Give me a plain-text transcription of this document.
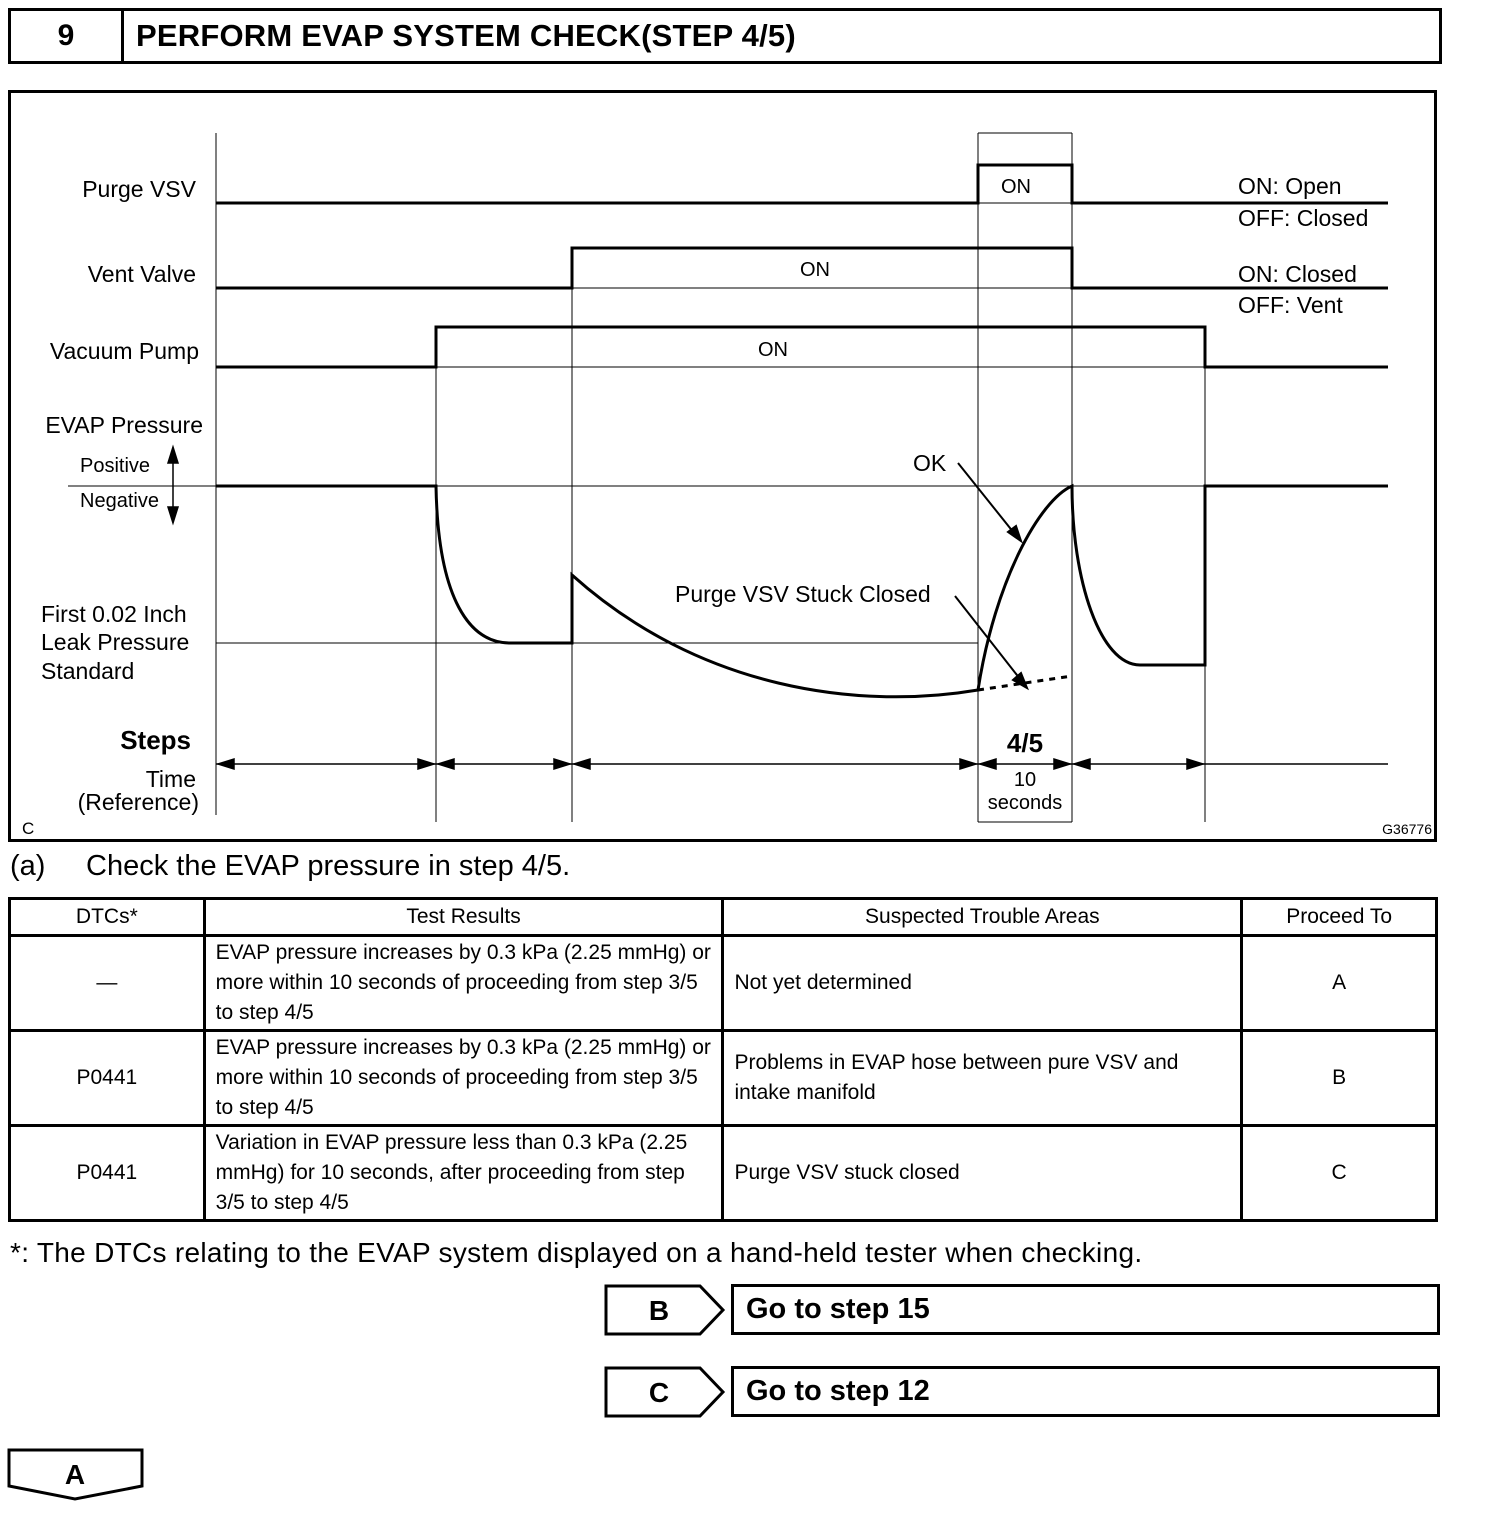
9	PERFORM EVAP SYSTEM CHECK(STEP 4/5)
Purge VSV
Vent Valve
Vacuum Pump
EVAP Pressure
First 0.02 Inch
Leak Pressure
Standard
Time
(Reference)
ON: Open
OFF: Closed
ON: Closed
OFF: Vent
OK
Purge VSV Stuck Closed
ON
ON
ON
Positive
Negative
10
seconds
Steps	4/5
C	G36776
(a) Check the EVAP pressure in step 4/5.
DTCs*	Test Results	Suspected Trouble Areas	Proceed To
—	EVAP pressure increases by 0.3 kPa (2.25 mmHg) or more within 10 seconds of proceeding from step 3/5 to step 4/5	Not yet determined	A
P0441	EVAP pressure increases by 0.3 kPa (2.25 mmHg) or more within 10 seconds of proceeding from step 3/5 to step 4/5	Problems in EVAP hose between pure VSV and intake manifold	B
P0441	Variation in EVAP pressure less than 0.3 kPa (2.25 mmHg) for 10 seconds, after proceeding from step 3/5 to step 4/5	Purge VSV stuck closed	C
*: The DTCs relating to the EVAP system displayed on a hand-held tester when checking.
B	Go to step 15
C	Go to step 12
A
